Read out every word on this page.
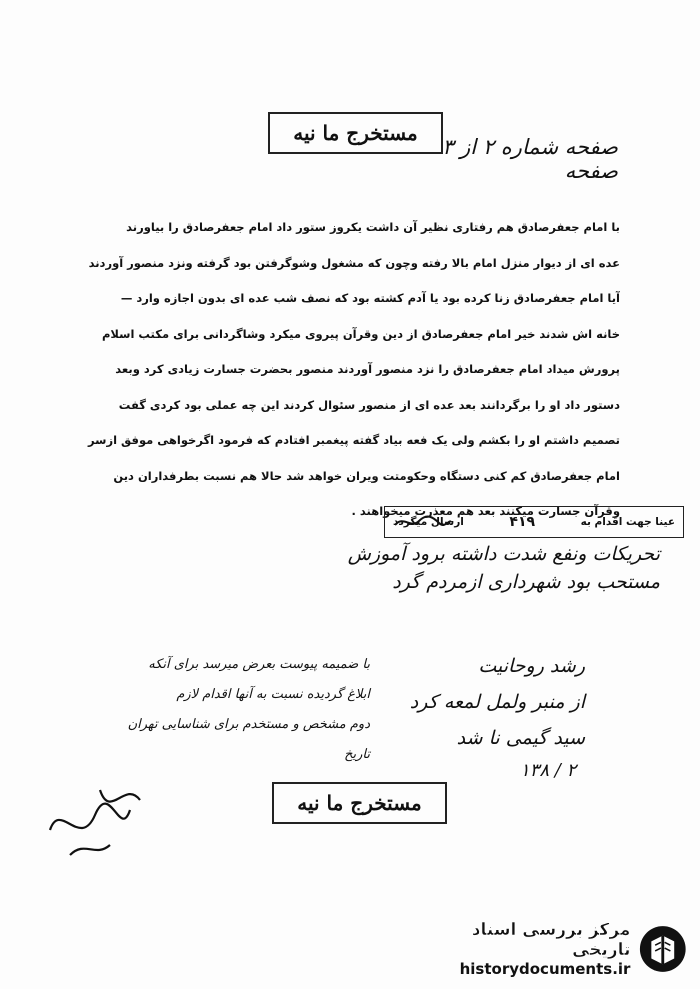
مستخرج ما نیه
صفحه شماره ۲ از ۳ صفحه
با امام جعفرصادق هم رفتاری نظیر آن داشت یکروز ستور داد امام جعفرصادق را بیاورند
عده ای از دیوار منزل امام بالا رفته وچون که مشغول وشوگرفتن بود گرفته ونزد منصور آوردند
آیا امام جعفرصادق زنا کرده بود یا آدم کشته بود که نصف شب عده ای بدون اجازه وارد —
خانه اش شدند خیر امام جعفرصادق از دین وقرآن پیروی میکرد وشاگردانی برای مکتب اسلام
پرورش میداد امام جعفرصادق را نزد منصور آوردند منصور بحضرت جسارت زیادی کرد وبعد
دستور داد او را برگردانند بعد عده ای از منصور سئوال کردند این چه عملی بود کردی گفت
تصمیم داشتم او را بکشم ولی یک فعه بیاد گفته پیغمبر افتادم که فرمود اگرخواهی موفق ازسر
امام جعفرصادق کم کنی دستگاه وحکومتت ویران خواهد شد حالا هم نسبت بطرفداران دین
وقرآن جسارت میکنند بعد هم معذرت میخواهند .
عینا جهت اقدام به
۴۱۹
ارسال میگردد
تحریکات ونفع شدت داشته برود آموزش
مستحب بود شهرداری ازمردم گرد
رشد روحانیت
از منبر ولمل لمعه کرد
سید گیمی نا شد
با ضمیمه پیوست بعرض میرسد برای آنکه
ابلاغ گردیده نسبت به آنها اقدام لازم
دوم مشخص و مستخدم برای شناسایی تهران
تاریخ
۱۳۸ / ۲
مستخرج ما نیه
مرکز بررسی اسناد تاریخی
historydocuments.ir
